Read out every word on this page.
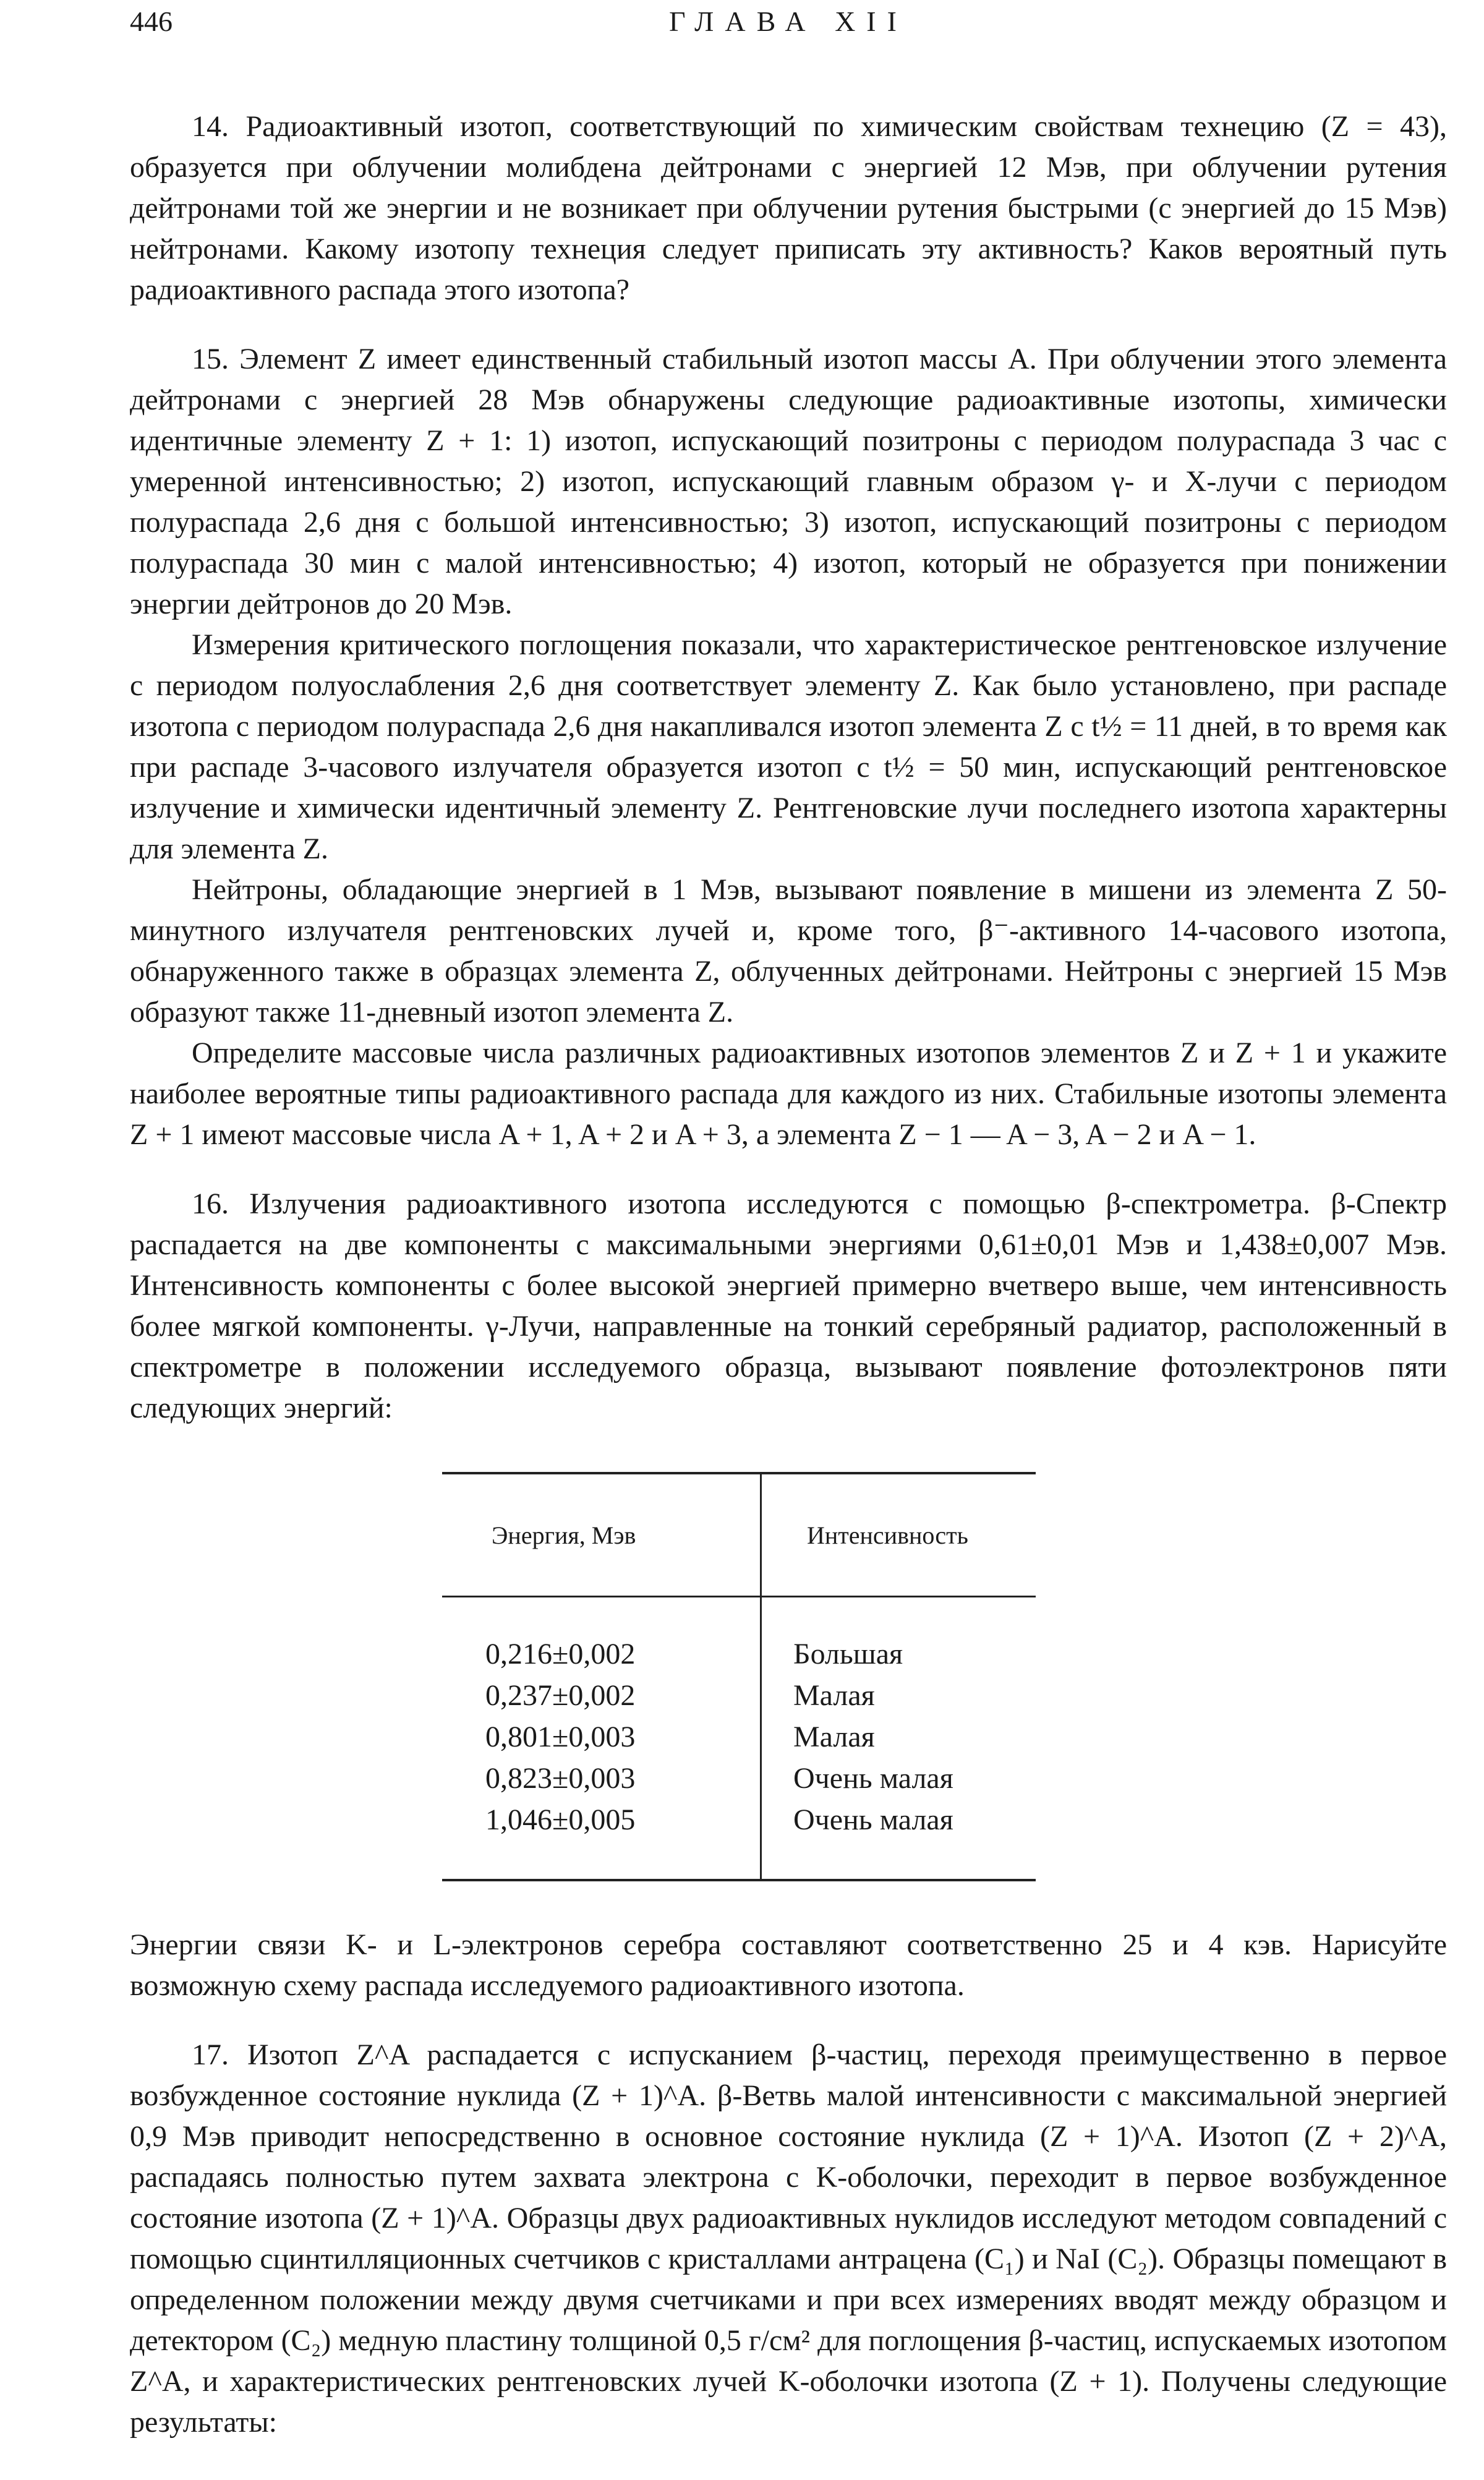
446	ГЛАВА XII

14. Радиоактивный изотоп, соответствующий по химическим свойствам технецию (Z = 43), образуется при облучении молибдена дейтронами с энергией 12 Мэв, при облучении рутения дейтронами той же энергии и не возникает при облучении рутения быстрыми (с энергией до 15 Мэв) нейтронами. Какому изотопу технеция следует приписать эту активность? Каков вероятный путь радиоактивного распада этого изотопа?

15. Элемент Z имеет единственный стабильный изотоп массы A. При облучении этого элемента дейтронами с энергией 28 Мэв обнаружены следующие радиоактивные изотопы, химически идентичные элементу Z + 1: 1) изотоп, испускающий позитроны с периодом полураспада 3 час с умеренной интенсивностью; 2) изотоп, испускающий главным образом γ- и X-лучи с периодом полураспада 2,6 дня с большой интенсивностью; 3) изотоп, испускающий позитроны с периодом полураспада 30 мин с малой интенсивностью; 4) изотоп, который не образуется при понижении энергии дейтронов до 20 Мэв.

Измерения критического поглощения показали, что характеристическое рентгеновское излучение с периодом полуослабления 2,6 дня соответствует элементу Z. Как было установлено, при распаде изотопа с периодом полураспада 2,6 дня накапливался изотоп элемента Z с t½ = 11 дней, в то время как при распаде 3-часового излучателя образуется изотоп с t½ = 50 мин, испускающий рентгеновское излучение и химически идентичный элементу Z. Рентгеновские лучи последнего изотопа характерны для элемента Z.

Нейтроны, обладающие энергией в 1 Мэв, вызывают появление в мишени из элемента Z 50-минутного излучателя рентгеновских лучей и, кроме того, β⁻-активного 14-часового изотопа, обнаруженного также в образцах элемента Z, облученных дейтронами. Нейтроны с энергией 15 Мэв образуют также 11-дневный изотоп элемента Z.

Определите массовые числа различных радиоактивных изотопов элементов Z и Z + 1 и укажите наиболее вероятные типы радиоактивного распада для каждого из них. Стабильные изотопы элемента Z + 1 имеют массовые числа A + 1, A + 2 и A + 3, а элемента Z − 1 — A − 3, A − 2 и A − 1.

16. Излучения радиоактивного изотопа исследуются с помощью β-спектрометра. β-Спектр распадается на две компоненты с максимальными энергиями 0,61±0,01 Мэв и 1,438±0,007 Мэв. Интенсивность компоненты с более высокой энергией примерно вчетверо выше, чем интенсивность более мягкой компоненты. γ-Лучи, направленные на тонкий серебряный радиатор, расположенный в спектрометре в положении исследуемого образца, вызывают появление фотоэлектронов пяти следующих энергий:

Энергия, Мэв	Интенсивность
0,216±0,002
0,237±0,002
0,801±0,003
0,823±0,003
1,046±0,005
Большая
Малая
Малая
Очень малая
Очень малая

Энергии связи K- и L-электронов серебра составляют соответственно 25 и 4 кэв. Нарисуйте возможную схему распада исследуемого радиоактивного изотопа.

17. Изотоп Z^A распадается с испусканием β-частиц, переходя преимущественно в первое возбужденное состояние нуклида (Z + 1)^A. β-Ветвь малой интенсивности с максимальной энергией 0,9 Мэв приводит непосредственно в основное состояние нуклида (Z + 1)^A. Изотоп (Z + 2)^A, распадаясь полностью путем захвата электрона с K-оболочки, переходит в первое возбужденное состояние изотопа (Z + 1)^A. Образцы двух радиоактивных нуклидов исследуют методом совпадений с помощью сцинтилляционных счетчиков с кристаллами антрацена (C₁) и NaI (C₂). Образцы помещают в определенном положении между двумя счетчиками и при всех измерениях вводят между образцом и детектором (C₂) медную пластину толщиной 0,5 г/см² для поглощения β-частиц, испускаемых изотопом Z^A, и характеристических рентгеновских лучей K-оболочки изотопа (Z + 1). Получены следующие результаты:
